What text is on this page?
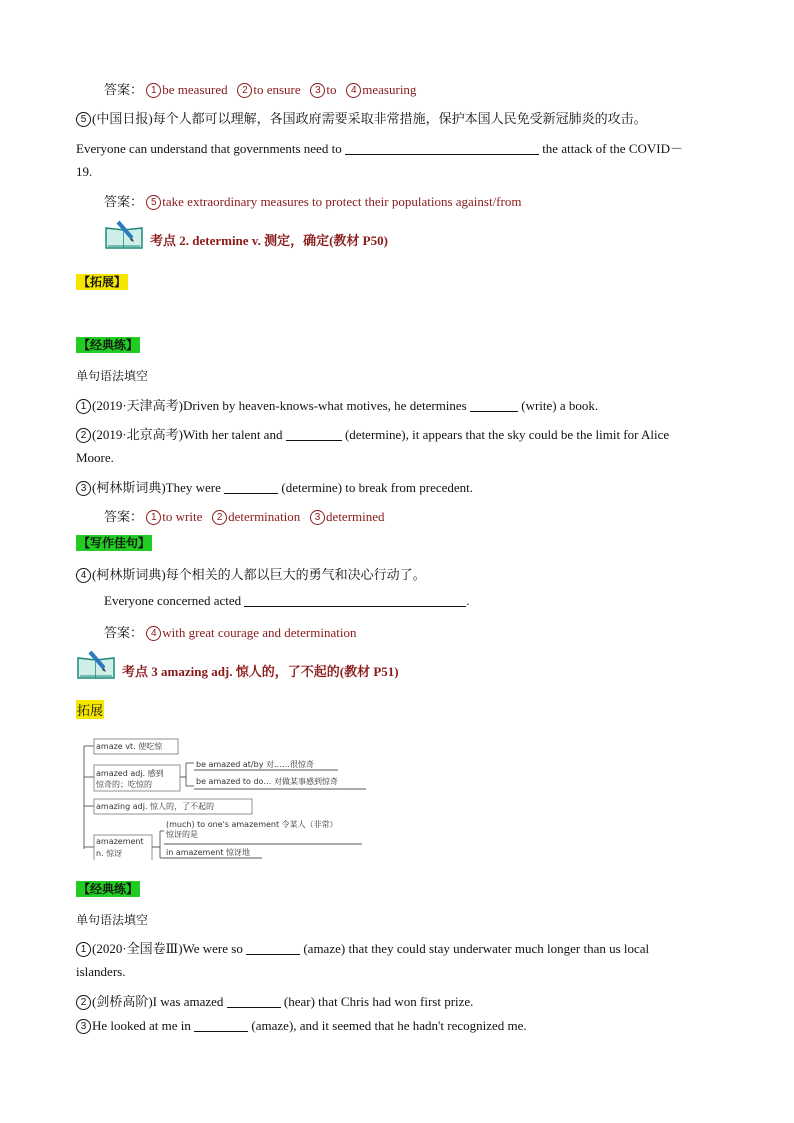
答案： 1 be measured 2 to ensure 3 to 4 measuring
5 (中国日报)每个人都可以理解，各国政府需要采取非常措施，保护本国人民免受新冠肺炎的攻击。
Everyone can understand that governments need to	the attack of the COVID－
19.
答案： 5 take extraordinary measures to protect their populations against/from
考点 2. determine v. 测定，确定(教材 P50)
【拓展】
【经典练】
单句语法填空
1 (2019·天津高考)Driven by heaven-knows-what motives, he determines	(write) a book.
2 (2019·北京高考)With her talent and	(determine), it appears that the sky could be the limit for Alice
Moore.
3 (柯林斯词典)They were	(determine) to break from precedent.
答案： 1 to write 2 determination 3 determined
【写作佳句】
4 (柯林斯词典)每个相关的人都以巨大的勇气和决心行动了。
Everyone concerned acted	.
答案： 4 with great courage and determination
考点 3 amazing adj. 惊人的，了不起的(教材 P51)
拓展
amaze vt. 使吃惊
amazed adj. 感到
惊奇的；吃惊的
be amazed at/by 对……很惊奇
be amazed to do… 对做某事感到惊奇
amazing adj. 惊人的，了不起的
amazement
n. 惊讶
(much) to one's amazement 令某人（非常）
惊讶的是
in amazement 惊讶地
【经典练】
单句语法填空
1 (2020·全国卷Ⅲ)We were so	(amaze) that they could stay underwater much longer than us local
islanders.
2 (剑桥高阶)I was amazed	(hear) that Chris had won first prize.
3 He looked at me in	(amaze), and it seemed that he hadn't recognized me.
